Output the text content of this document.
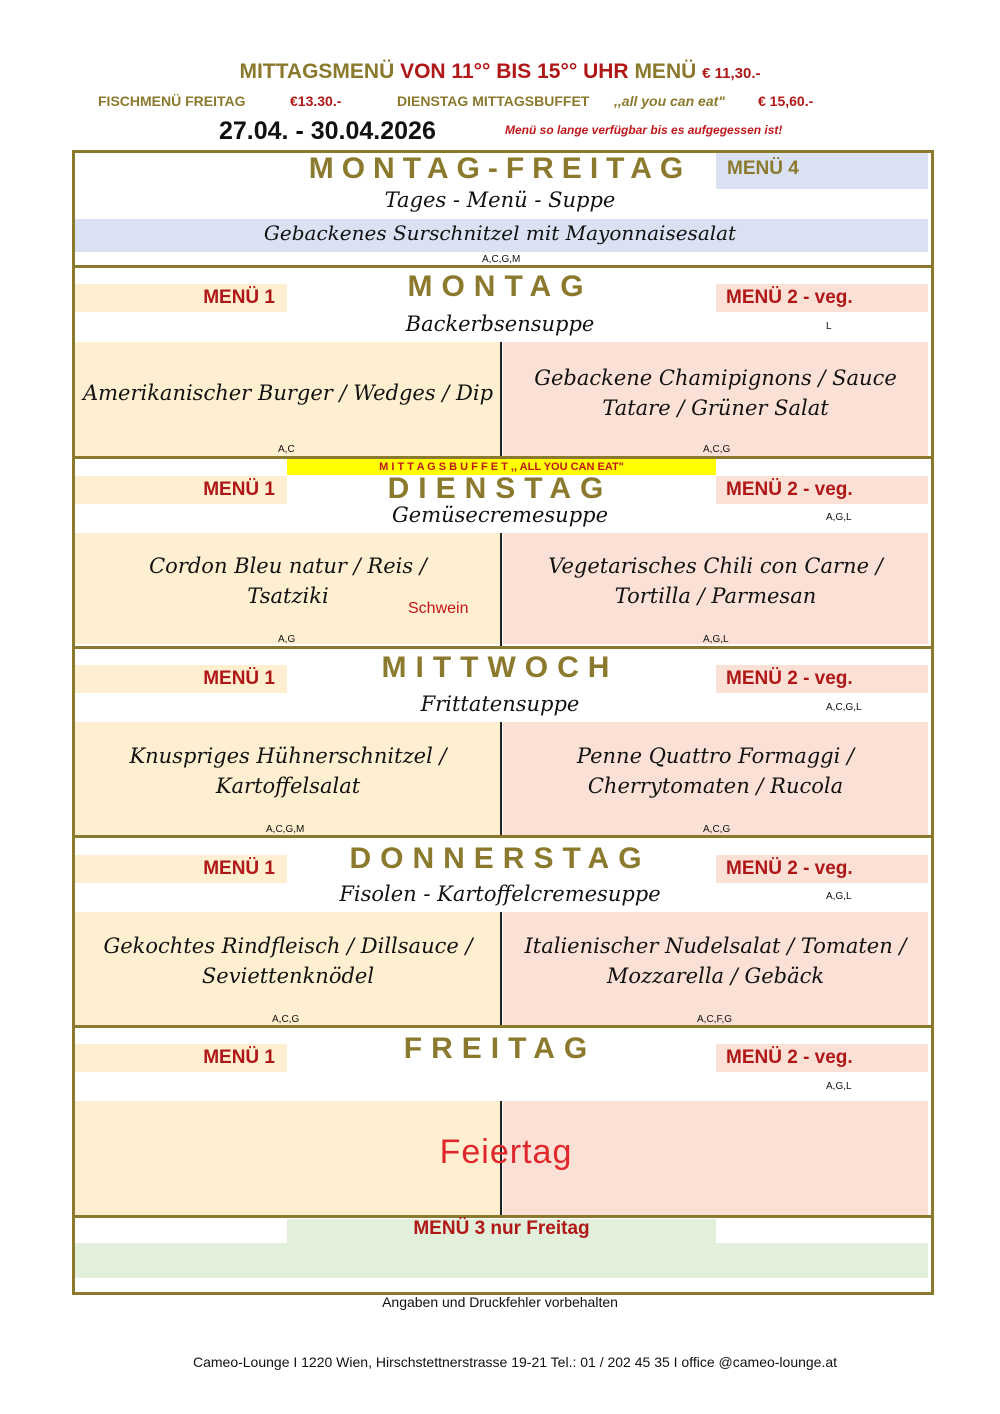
MITTAGSMENÜ VON 11°° BIS 15°° UHR MENÜ € 11,30.-
FISCHMENÜ FREITAG	€13.30.-	DIENSTAG MITTAGSBUFFET ,,all you can eat" € 15,60.-
27.04. - 30.04.2026	Menü so lange verfügbar bis es aufgegessen ist!
MONTAG-FREITAG	MENÜ 4
Tages - Menü - Suppe
Gebackenes Surschnitzel mit Mayonnaisesalat
A,C,G,M
MENÜ 1	MONTAG	MENÜ 2 - veg.
Backerbsensuppe	L
Amerikanischer Burger / Wedges / Dip
Gebackene Chamipignons / Sauce Tatare / Grüner Salat
A,C	A,C,G
M I T T A G S B U F F E T ,, ALL YOU CAN EAT"
MENÜ 1	DIENSTAG	MENÜ 2 - veg.
Gemüsecremesuppe	A,G,L
Cordon Bleu natur / Reis / Tsatziki
Schwein
Vegetarisches Chili con Carne / Tortilla / Parmesan
A,G	A,G,L
MENÜ 1	MITTWOCH	MENÜ 2 - veg.
Frittatensuppe	A,C,G,L
Knuspriges Hühnerschnitzel / Kartoffelsalat
Penne Quattro Formaggi / Cherrytomaten / Rucola
A,C,G,M	A,C,G
MENÜ 1	DONNERSTAG	MENÜ 2 - veg.
Fisolen - Kartoffelcremesuppe	A,G,L
Gekochtes Rindfleisch / Dillsauce / Seviettenknödel
Italienischer Nudelsalat / Tomaten / Mozzarella / Gebäck
A,C,G	A,C,F,G
MENÜ 1	FREITAG	MENÜ 2 - veg.
A,G,L
Feiertag
MENÜ 3 nur Freitag
Angaben und Druckfehler vorbehalten
Cameo-Lounge I 1220 Wien, Hirschstettnerstrasse 19-21 Tel.: 01 / 202 45 35 I office @cameo-lounge.at
